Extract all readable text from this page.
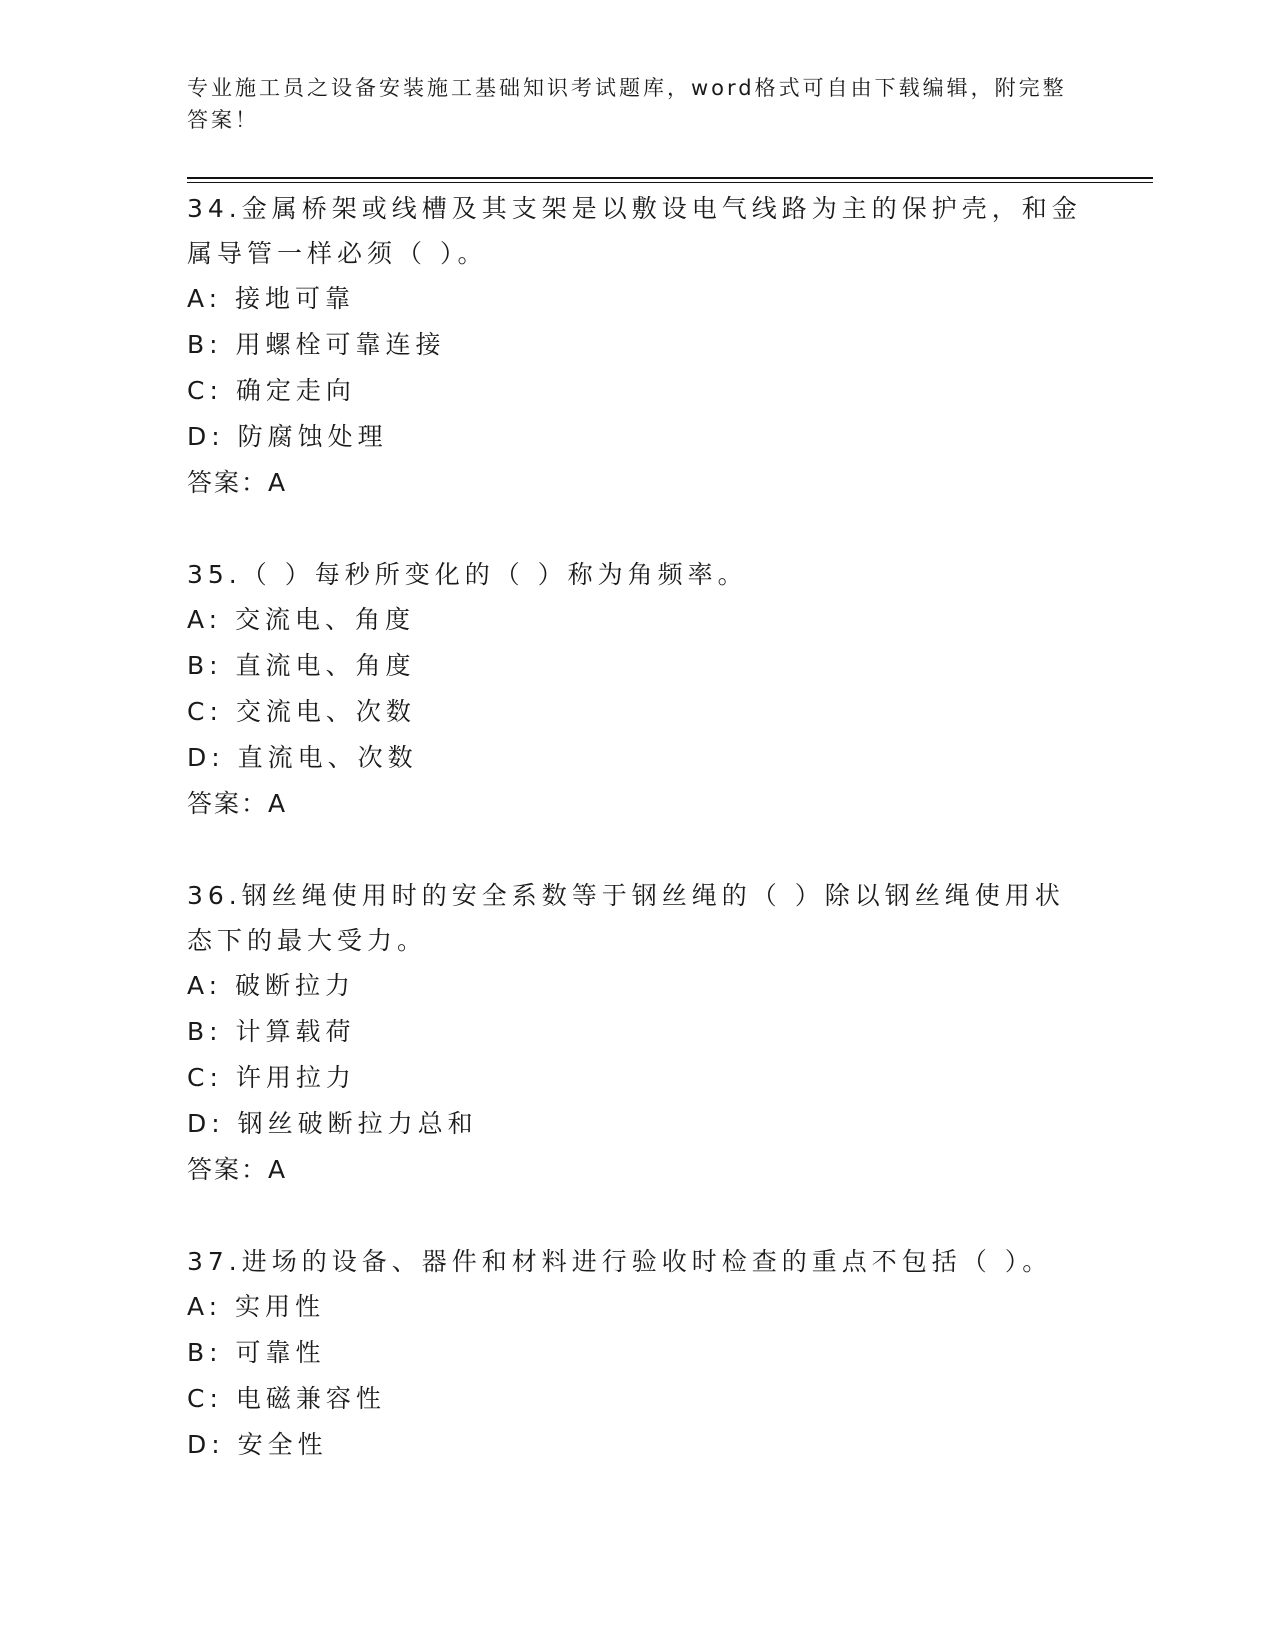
专业施工员之设备安装施工基础知识考试题库，word格式可自由下载编辑，附完整答案！

34.金属桥架或线槽及其支架是以敷设电气线路为主的保护壳，和金属导管一样必须（ ）。

A: 接地可靠

B: 用螺栓可靠连接

C: 确定走向

D: 防腐蚀处理

答案：A

35.（ ）每秒所变化的（ ）称为角频率。

A: 交流电、角度

B: 直流电、角度

C: 交流电、次数

D: 直流电、次数

答案：A

36.钢丝绳使用时的安全系数等于钢丝绳的（ ）除以钢丝绳使用状态下的最大受力。

A: 破断拉力

B: 计算载荷

C: 许用拉力

D: 钢丝破断拉力总和

答案：A

37.进场的设备、器件和材料进行验收时检查的重点不包括（ ）。

A: 实用性

B: 可靠性

C: 电磁兼容性

D: 安全性
